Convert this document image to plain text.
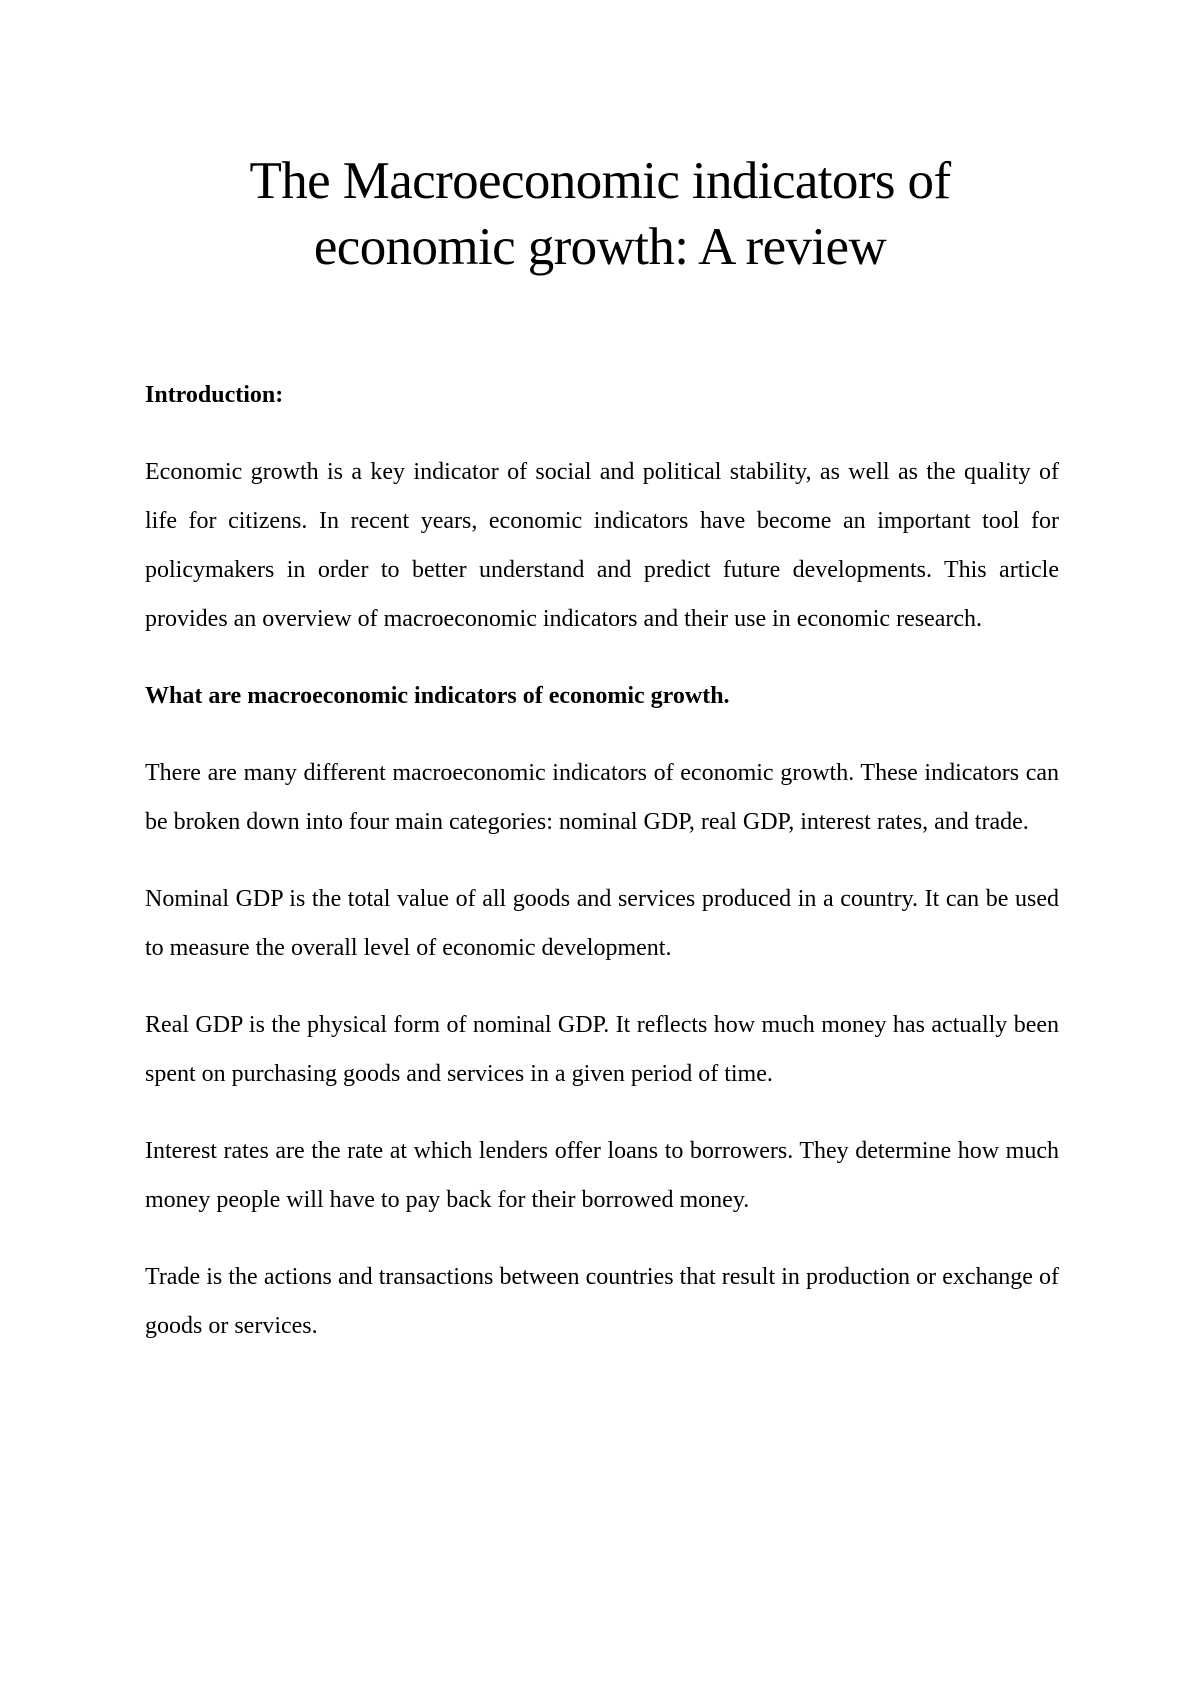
The Macroeconomic indicators of
economic growth: A review

Introduction:

Economic growth is a key indicator of social and political stability, as well as the quality of life for citizens. In recent years, economic indicators have become an important tool for policymakers in order to better understand and predict future developments. This article provides an overview of macroeconomic indicators and their use in economic research.

What are macroeconomic indicators of economic growth.

There are many different macroeconomic indicators of economic growth. These indicators can be broken down into four main categories: nominal GDP, real GDP, interest rates, and trade.

Nominal GDP is the total value of all goods and services produced in a country. It can be used to measure the overall level of economic development.

Real GDP is the physical form of nominal GDP. It reflects how much money has actually been spent on purchasing goods and services in a given period of time.

Interest rates are the rate at which lenders offer loans to borrowers. They determine how much money people will have to pay back for their borrowed money.

Trade is the actions and transactions between countries that result in production or exchange of goods or services.
